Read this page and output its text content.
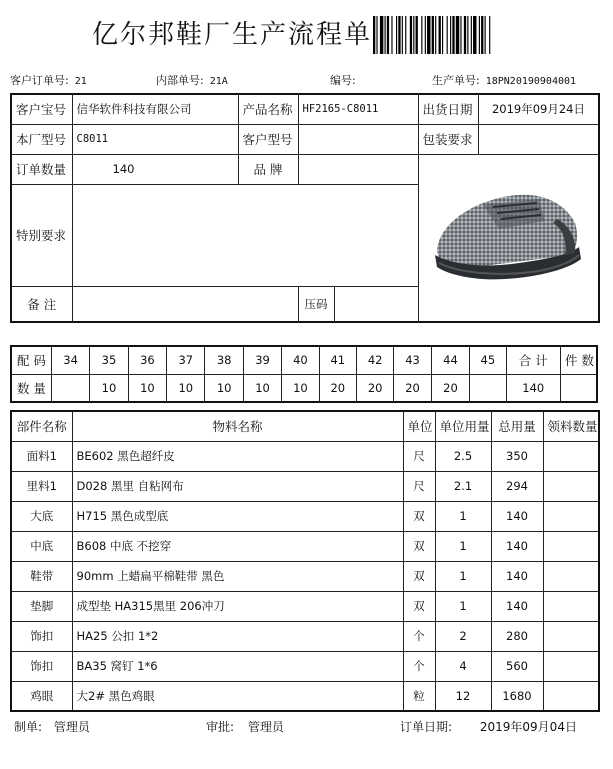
亿尔邦鞋厂生产流程单
客户订单号: 21	内部单号: 21A	编号:	生产单号: 18PN20190904001
客户宝号	信华软件科技有限公司	产品名称	HF2165-C8011	出货日期	2019年09月24日	
本厂型号	C8011	客户型号		包装要求		
订单数量	140	品 牌		
特别要求						
备 注			压码

配 码	34	35	36	37	38	39	40	41	42	43	44	45	合 计	件 数
数 量		10	10	10	10	10	10	20	20	20	20		140	
部件名称	物料名称	单位	单位用量	总用量	领料数量
面料1	BE602 黑色超纤皮	尺	2.5	350	
里料1	D028 黑里 自粘网布	尺	2.1	294	
大底	H715 黑色成型底	双	1	140	
中底	B608 中底 不挖穿	双	1	140	
鞋带	90mm 上蜡扁平棉鞋带 黑色	双	1	140	
垫脚	成型垫 HA315黑里 206冲刀	双	1	140	
饰扣	HA25 公扣 1*2	个	2	280	
饰扣	BA35 窝钉 1*6	个	4	560	
鸡眼	大2# 黑色鸡眼	粒	12	1680	
制单: 管理员	审批: 管理员	订单日期: 2019年09月04日
